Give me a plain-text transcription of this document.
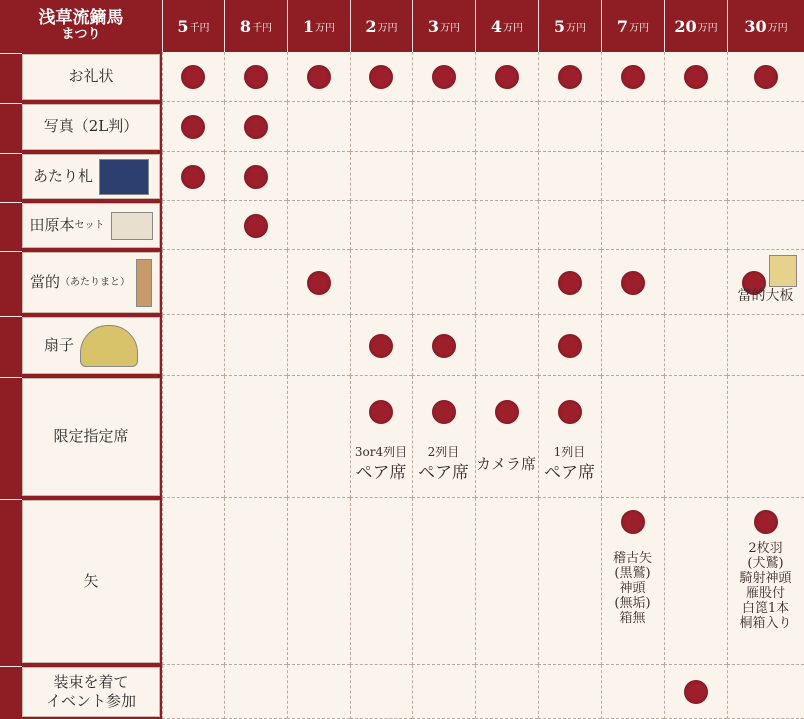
浅草流鏑馬
まつり	5 千円 8 千円 1 万円 2 万円 3 万円 4 万円 5 万円 7 万円 20 万円 30 万円
お礼状
写真（2L判）
あたり札
田原本 セット
當的 （あたりまと）
扇子
限定指定席
矢
装束を着て
イベント参加
當的大板
3or4列目
ペア席
2列目
ペア席 カメラ席
1列目
ペア席
稽古矢
(黒鷲)
神頭
(無垢)
箱無
2枚羽
(犬鷲)
騎射神頭
雁股付
白箆1本
桐箱入り
